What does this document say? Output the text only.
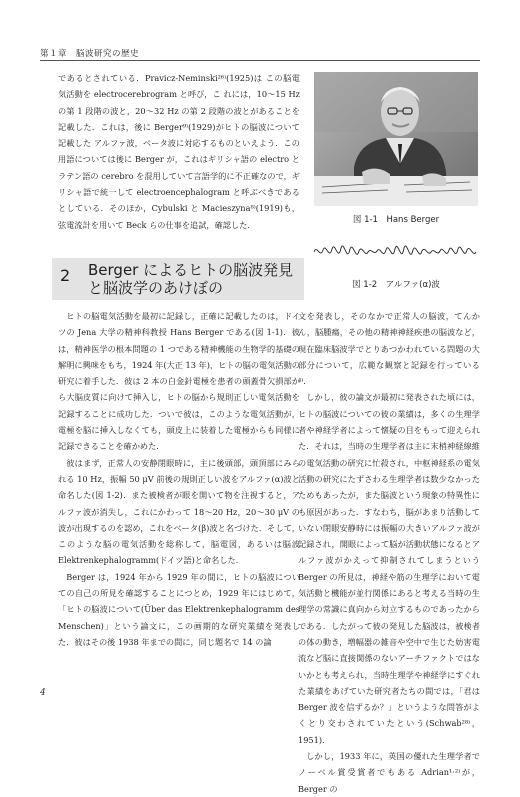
第１章　脳波研究の歴史

であるとされている．Pravicz-Neminski²⁶⁾(1925)は この脳電気活動を electrocerebrogram と呼び，こ れには，10～15 Hz の第 1 段階の波と，20～32 Hz の第 2 段階の波とがあることを記載した．これは，後に Berger⁹⁾(1929)がヒトの脳波について記載した アルファ波，ベータ波に対応するものといえよう．この用語については後に Berger が，これはギリシャ語の electro とラテン語の cerebro を混用していて言語学的に不正確なので，ギリシャ語で統一して electroencephalogram と呼ぶべきであるとしている．そのほか，Cybulski と Macieszyna⁸⁾(1919)も，弦電流計を用いて Beck らの仕事を追試，確認した．	図 1-1　Hans Berger
図 1-2　アルファ(α)波
2 Berger によるヒトの脳波発見と脳波学のあけぼの

ヒトの脳電気活動を最初に記録し，正確に記載したのは，ドイツの Jena 大学の精神科教授 Hans Berger である(図 1-1)．彼は，精神医学の根本問題の 1 つである精神機能の生物学的基礎の解明に興味をもち，1924 年(大正 13 年)，ヒトの脳の電気活動の研究に着手した．彼は 2 本の白金針電極を患者の頭蓋骨欠損部から大脳皮質に向けて挿入し，ヒトの脳から規則正しい電気活動を記録することに成功した．ついで彼は，このような電気活動が，電極を脳に挿入しなくても，頭皮上に装着した電極からも同様に記録できることを確かめた．

彼はまず，正常人の安静閉眼時に，主に後頭部，頭頂部にみられる 10 Hz，振幅 50 μV 前後の規則正しい波をアルファ(α)波と命名した(図 1-2)．また被検者が眼を開いて物を注視すると，アルファ波が消失し，これにかわって 18～20 Hz，20～30 μV の波が出現するのを認め，これをベータ(β)波と名づけた．そして，このような脳の電気活動を総称して，脳電図，あるいは脳波 Elektrenkephalogramm(ドイツ語)と命名した．

Berger は，1924 年から 1929 年の間に，ヒトの脳波についての自己の所見を確認することにつとめ，1929 年にはじめて，「ヒトの脳波について(Über das Elektrenkephalogramm des Menschen)」という論文に，この画期的な研究業績を発表した．彼はその後 1938 年までの間に，同じ題名で 14 の論

文を発表し，そのなかで正常人の脳波，てんかん，脳腫瘍，その他の精神神経疾患の脳波など，現在臨床脳波学でとりあつかわれている問題の大部分について，広範な観察と記録を行っている⁴⁾．

しかし，彼の論文が最初に発表された頃には，ヒトの脳波についての彼の業績は，多くの生理学者や神経学者によって懐疑の目をもって迎えられた．それは，当時の生理学者は主に末梢神経線維の電気活動の研究に忙殺され，中枢神経系の電気活動の研究にたずさわる生理学者は数少なかったためもあったが，また脳波という現象の特異性にも原因があった．すなわち，脳があまり活動していない閉眼安静時には振幅の大きいアルファ波が記録され，開眼によって脳が活動状態になるとアルファ波がかえって抑制されてしまうという Berger の所見は，神経や筋の生理学において電気活動と機能が並行関係にあると考える当時の生理学の常識に真向から対立するものであったからである．したがって彼の発見した脳波は，被検者の体の動き，増幅器の雑音や空中で生じた妨害電流など脳に直接関係のないアーチファクトではないかとも考えられ，当時生理学や神経学にすぐれた業績をあげていた研究者たちの間では，「君は Berger 波を信ずるか？」というような問答がよくとり交わされていたという(Schwab²⁸⁾，1951)．

しかし，1933 年に，英国の優れた生理学者でノーベル賞受賞者でもある Adrian¹·²⁾が，Berger の

4
